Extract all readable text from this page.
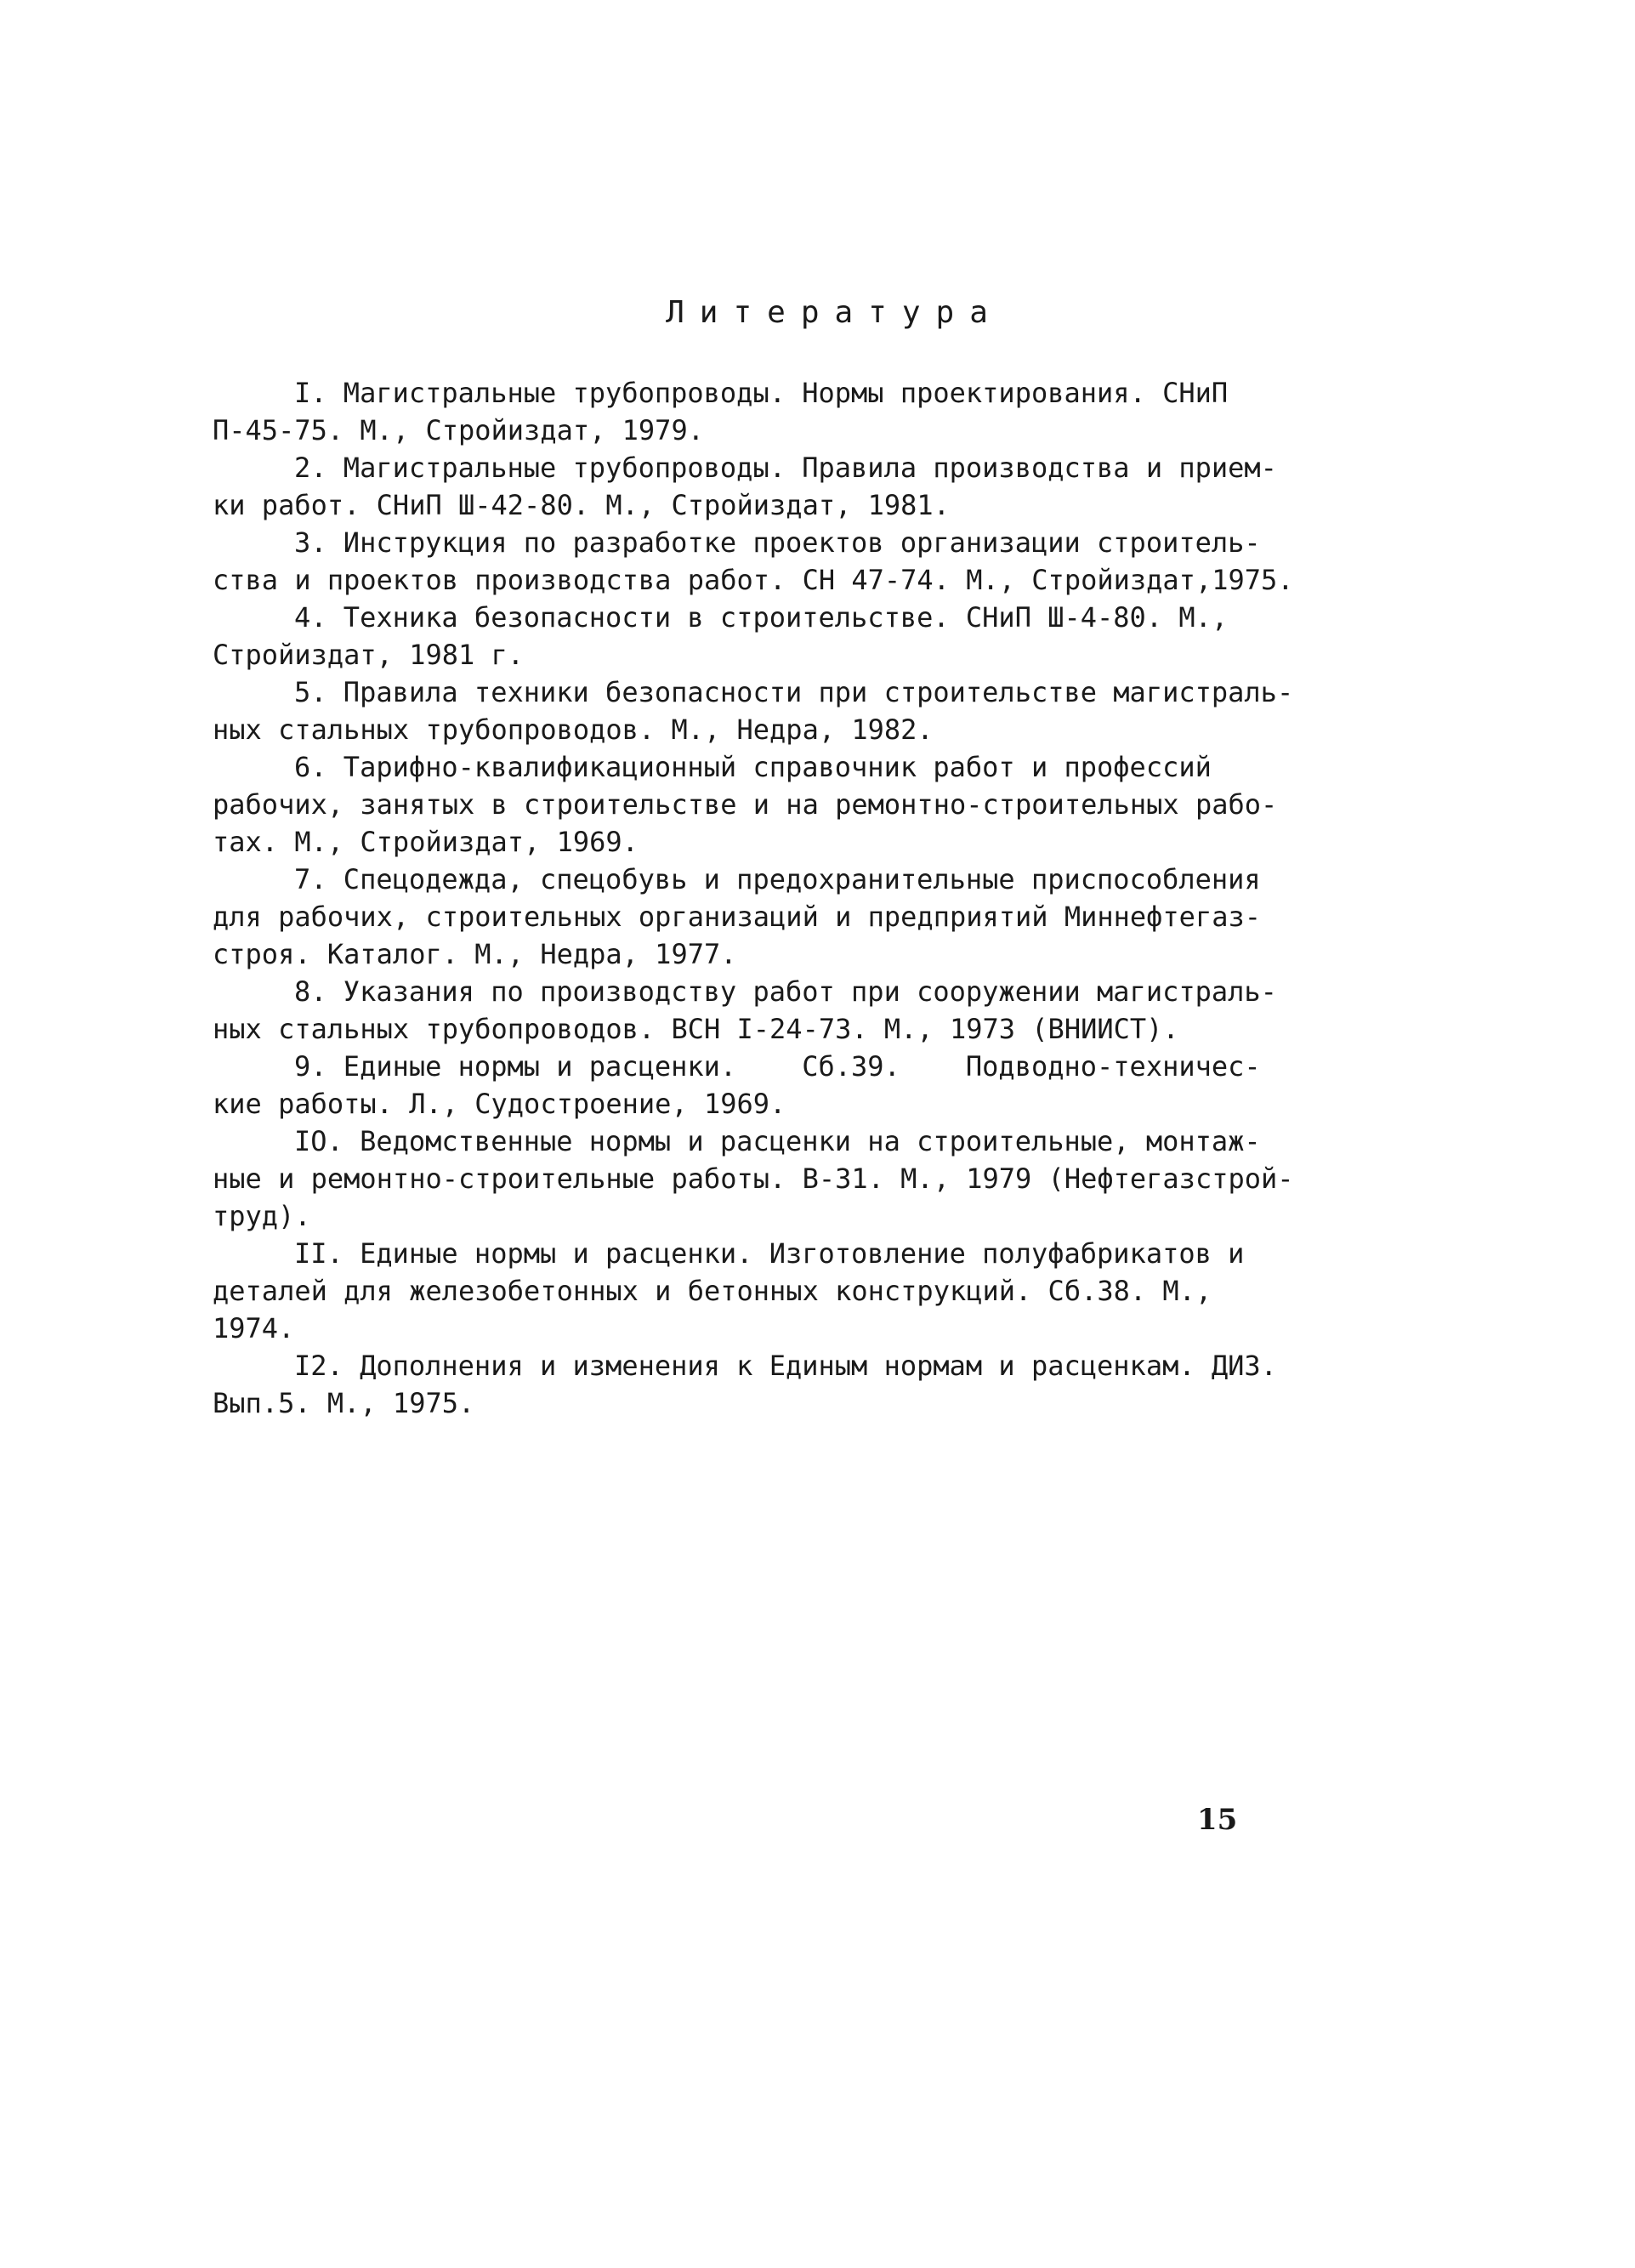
Литература
I. Магистральные трубопроводы. Нормы проектирования. СНиП
П-45-75. М., Стройиздат, 1979.
2. Магистральные трубопроводы. Правила производства и прием-
ки работ. СНиП Ш-42-80. М., Стройиздат, 1981.
3. Инструкция по разработке проектов организации строитель-
ства и проектов производства работ. СН 47-74. М., Стройиздат,1975.
4. Техника безопасности в строительстве. СНиП Ш-4-80. М.,
Стройиздат, 1981 г.
5. Правила техники безопасности при строительстве магистраль-
ных стальных трубопроводов. М., Недра, 1982.
6. Тарифно-квалификационный справочник работ и профессий
рабочих, занятых в строительстве и на ремонтно-строительных рабо-
тах. М., Стройиздат, 1969.
7. Спецодежда, спецобувь и предохранительные приспособления
для рабочих, строительных организаций и предприятий Миннефтегаз-
строя. Каталог. М., Недра, 1977.
8. Указания по производству работ при сооружении магистраль-
ных стальных трубопроводов. ВСН I-24-73. М., 1973 (ВНИИСТ).
9. Единые нормы и расценки.    Сб.39.    Подводно-техничес-
кие работы. Л., Судостроение, 1969.
IO. Ведомственные нормы и расценки на строительные, монтаж-
ные и ремонтно-строительные работы. В-31. М., 1979 (Нефтегазстрой-
труд).
II. Единые нормы и расценки. Изготовление полуфабрикатов и
деталей для железобетонных и бетонных конструкций. Сб.38. М.,
1974.
I2. Дополнения и изменения к Единым нормам и расценкам. ДИЗ.
Вып.5. М., 1975.
15
